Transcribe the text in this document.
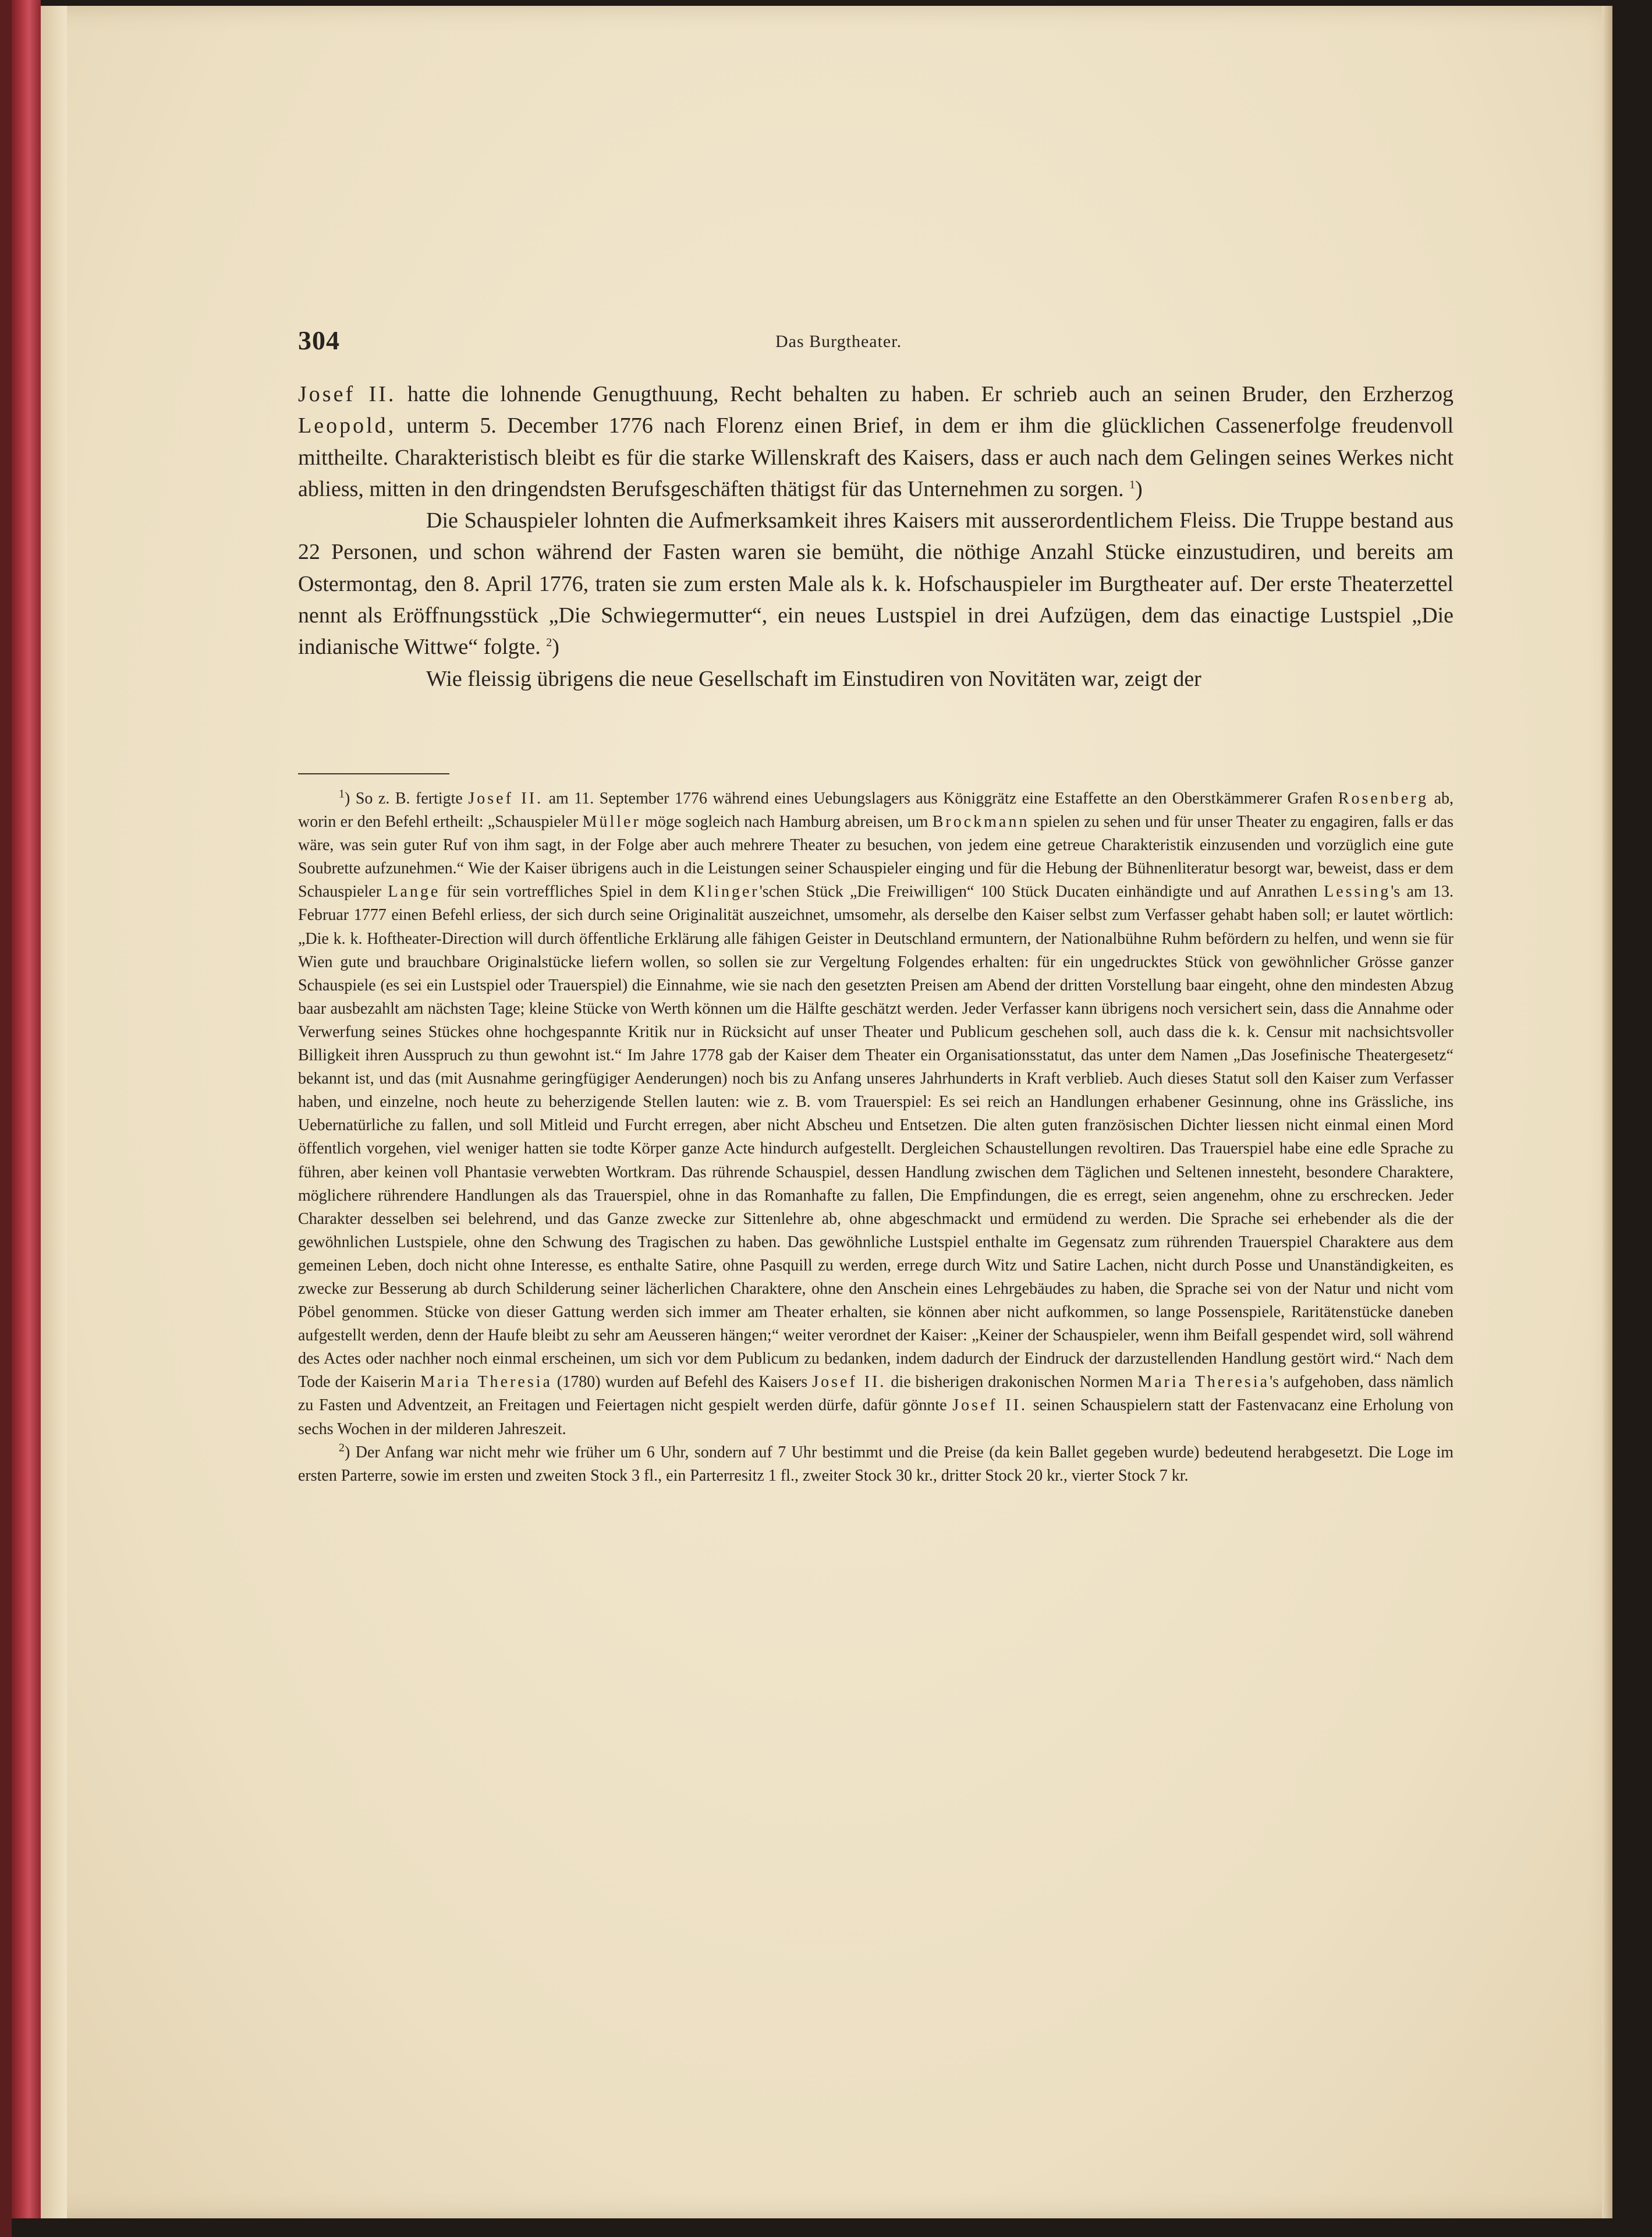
304	Das Burgtheater.

Josef II. hatte die lohnende Genugthuung, Recht behalten zu haben. Er schrieb auch an seinen Bruder, den Erzherzog Leopold, unterm 5. December 1776 nach Florenz einen Brief, in dem er ihm die glücklichen Cassenerfolge freudenvoll mittheilte. Charakteristisch bleibt es für die starke Willenskraft des Kaisers, dass er auch nach dem Gelingen seines Werkes nicht abliess, mitten in den dringendsten Berufsgeschäften thätigst für das Unternehmen zu sorgen. $^1$)

Die Schauspieler lohnten die Aufmerksamkeit ihres Kaisers mit ausserordentlichem Fleiss. Die Truppe bestand aus 22 Personen, und schon während der Fasten waren sie bemüht, die nöthige Anzahl Stücke einzustudiren, und bereits am Ostermontag, den 8. April 1776, traten sie zum ersten Male als k. k. Hofschauspieler im Burgtheater auf. Der erste Theaterzettel nennt als Eröffnungsstück „Die Schwiegermutter“, ein neues Lustspiel in drei Aufzügen, dem das einactige Lustspiel „Die indianische Wittwe“ folgte. $^2$)

Wie fleissig übrigens die neue Gesellschaft im Einstudiren von Novitäten war, zeigt der

$^1$) So z. B. fertigte Josef II. am 11. September 1776 während eines Uebungslagers aus Königgrätz eine Estaffette an den Oberstkämmerer Grafen Rosenberg ab, worin er den Befehl ertheilt: „Schauspieler Müller möge sogleich nach Hamburg abreisen, um Brockmann spielen zu sehen und für unser Theater zu engagiren, falls er das wäre, was sein guter Ruf von ihm sagt, in der Folge aber auch mehrere Theater zu besuchen, von jedem eine getreue Charakteristik einzusenden und vorzüglich eine gute Soubrette aufzunehmen.“ Wie der Kaiser übrigens auch in die Leistungen seiner Schauspieler einging und für die Hebung der Bühnenliteratur besorgt war, beweist, dass er dem Schauspieler Lange für sein vortreffliches Spiel in dem Klinger'schen Stück „Die Freiwilligen“ 100 Stück Ducaten einhändigte und auf Anrathen Lessing's am 13. Februar 1777 einen Befehl erliess, der sich durch seine Originalität auszeichnet, umsomehr, als derselbe den Kaiser selbst zum Verfasser gehabt haben soll; er lautet wörtlich: „Die k. k. Hoftheater-Direction will durch öffentliche Erklärung alle fähigen Geister in Deutschland ermuntern, der Nationalbühne Ruhm befördern zu helfen, und wenn sie für Wien gute und brauchbare Originalstücke liefern wollen, so sollen sie zur Vergeltung Folgendes erhalten: für ein ungedrucktes Stück von gewöhnlicher Grösse ganzer Schauspiele (es sei ein Lustspiel oder Trauerspiel) die Einnahme, wie sie nach den gesetzten Preisen am Abend der dritten Vorstellung baar eingeht, ohne den mindesten Abzug baar ausbezahlt am nächsten Tage; kleine Stücke von Werth können um die Hälfte geschätzt werden. Jeder Verfasser kann übrigens noch versichert sein, dass die Annahme oder Verwerfung seines Stückes ohne hochgespannte Kritik nur in Rücksicht auf unser Theater und Publicum geschehen soll, auch dass die k. k. Censur mit nachsichtsvoller Billigkeit ihren Ausspruch zu thun gewohnt ist.“ Im Jahre 1778 gab der Kaiser dem Theater ein Organisationsstatut, das unter dem Namen „Das Josefinische Theatergesetz“ bekannt ist, und das (mit Ausnahme geringfügiger Aenderungen) noch bis zu Anfang unseres Jahrhunderts in Kraft verblieb. Auch dieses Statut soll den Kaiser zum Verfasser haben, und einzelne, noch heute zu beherzigende Stellen lauten: wie z. B. vom Trauerspiel: Es sei reich an Handlungen erhabener Gesinnung, ohne ins Grässliche, ins Uebernatürliche zu fallen, und soll Mitleid und Furcht erregen, aber nicht Abscheu und Entsetzen. Die alten guten französischen Dichter liessen nicht einmal einen Mord öffentlich vorgehen, viel weniger hatten sie todte Körper ganze Acte hindurch aufgestellt. Dergleichen Schaustellungen revoltiren. Das Trauerspiel habe eine edle Sprache zu führen, aber keinen voll Phantasie verwebten Wortkram. Das rührende Schauspiel, dessen Handlung zwischen dem Täglichen und Seltenen innesteht, besondere Charaktere, möglichere rührendere Handlungen als das Trauerspiel, ohne in das Romanhafte zu fallen, Die Empfindungen, die es erregt, seien angenehm, ohne zu erschrecken. Jeder Charakter desselben sei belehrend, und das Ganze zwecke zur Sittenlehre ab, ohne abgeschmackt und ermüdend zu werden. Die Sprache sei erhebender als die der gewöhnlichen Lustspiele, ohne den Schwung des Tragischen zu haben. Das gewöhnliche Lustspiel enthalte im Gegensatz zum rührenden Trauerspiel Charaktere aus dem gemeinen Leben, doch nicht ohne Interesse, es enthalte Satire, ohne Pasquill zu werden, errege durch Witz und Satire Lachen, nicht durch Posse und Unanständigkeiten, es zwecke zur Besserung ab durch Schilderung seiner lächerlichen Charaktere, ohne den Anschein eines Lehrgebäudes zu haben, die Sprache sei von der Natur und nicht vom Pöbel genommen. Stücke von dieser Gattung werden sich immer am Theater erhalten, sie können aber nicht aufkommen, so lange Possenspiele, Raritätenstücke daneben aufgestellt werden, denn der Haufe bleibt zu sehr am Aeusseren hängen;“ weiter verordnet der Kaiser: „Keiner der Schauspieler, wenn ihm Beifall gespendet wird, soll während des Actes oder nachher noch einmal erscheinen, um sich vor dem Publicum zu bedanken, indem dadurch der Eindruck der darzustellenden Handlung gestört wird.“ Nach dem Tode der Kaiserin Maria Theresia (1780) wurden auf Befehl des Kaisers Josef II. die bisherigen drakonischen Normen Maria Theresia's aufgehoben, dass nämlich zu Fasten und Adventzeit, an Freitagen und Feiertagen nicht gespielt werden dürfe, dafür gönnte Josef II. seinen Schauspielern statt der Fastenvacanz eine Erholung von sechs Wochen in der milderen Jahreszeit.

$^2$) Der Anfang war nicht mehr wie früher um 6 Uhr, sondern auf 7 Uhr bestimmt und die Preise (da kein Ballet gegeben wurde) bedeutend herabgesetzt. Die Loge im ersten Parterre, sowie im ersten und zweiten Stock 3 fl., ein Parterresitz 1 fl., zweiter Stock 30 kr., dritter Stock 20 kr., vierter Stock 7 kr.
